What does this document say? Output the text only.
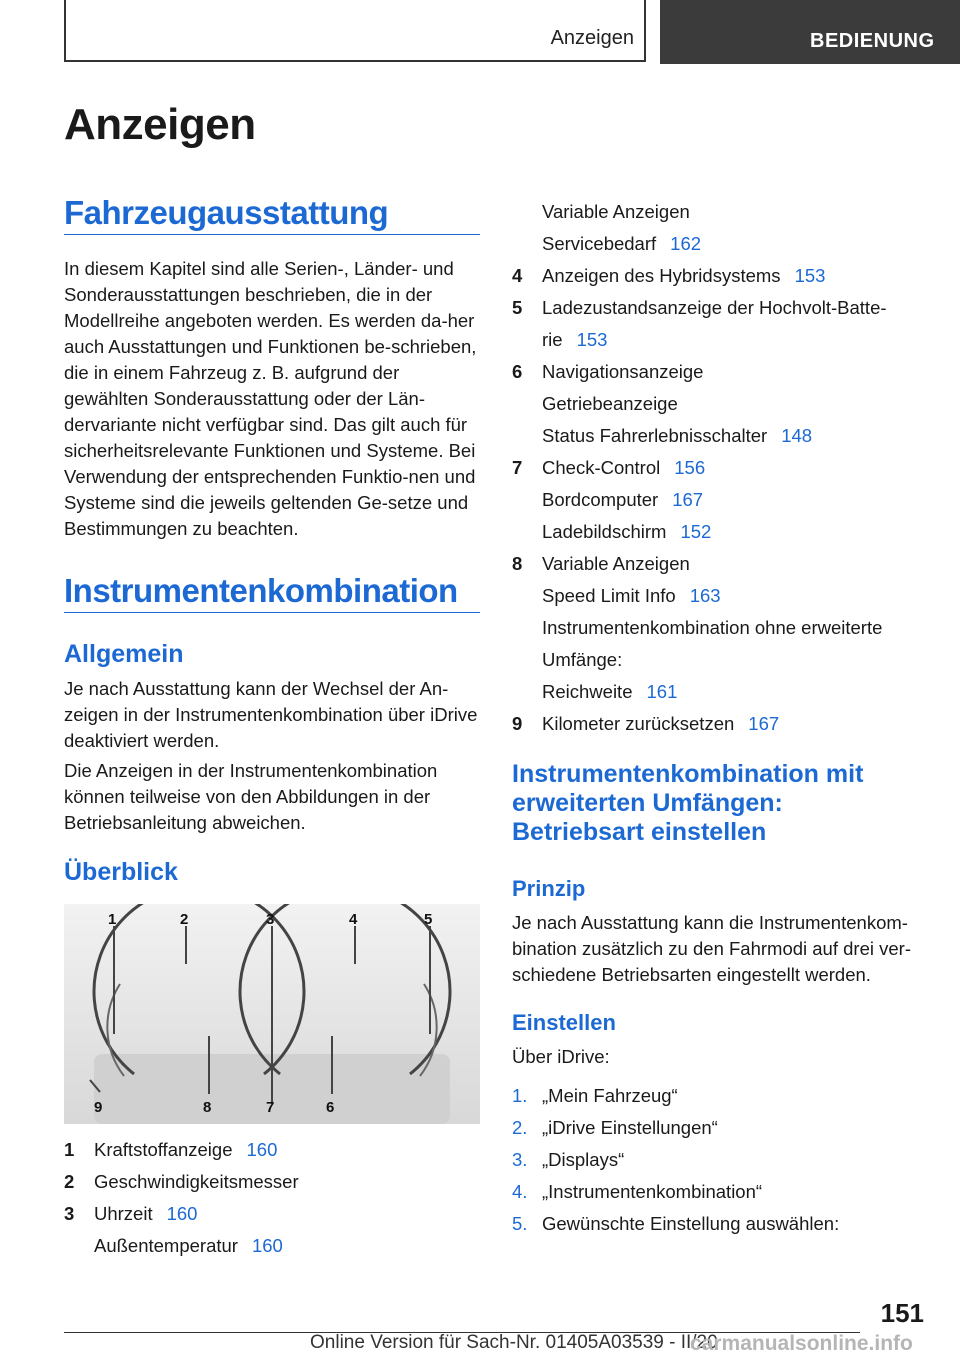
Anzeigen	BEDIENUNG
Anzeigen
Fahrzeugausstattung
In diesem Kapitel sind alle Serien-, Länder- und Sonderausstattungen beschrieben, die in der Modellreihe angeboten werden. Es werden da-her auch Ausstattungen und Funktionen be-schrieben, die in einem Fahrzeug z. B. aufgrund der gewählten Sonderausstattung oder der Län-dervariante nicht verfügbar sind. Das gilt auch für sicherheitsrelevante Funktionen und Systeme. Bei Verwendung der entsprechenden Funktio-nen und Systeme sind die jeweils geltenden Ge-setze und Bestimmungen zu beachten.
Instrumentenkombination
Allgemein
Je nach Ausstattung kann der Wechsel der An-zeigen in der Instrumentenkombination über iDrive deaktiviert werden.
Die Anzeigen in der Instrumentenkombination können teilweise von den Abbildungen in der Betriebsanleitung abweichen.
Überblick
1	2	3	4	5
6
7
8
9
1 Kraftstoffanzeige 160
2 Geschwindigkeitsmesser
3 Uhrzeit 160
Außentemperatur 160
Variable Anzeigen
Servicebedarf 162
4 Anzeigen des Hybridsystems 153
5 Ladezustandsanzeige der Hochvolt-Batte-
rie 153
6 Navigationsanzeige
Getriebeanzeige
Status Fahrerlebnisschalter 148
7 Check-Control 156
Bordcomputer 167
Ladebildschirm 152
8 Variable Anzeigen
Speed Limit Info 163
Instrumentenkombination ohne erweiterte
Umfänge:
Reichweite 161
9 Kilometer zurücksetzen 167
Instrumentenkombination mit
erweiterten Umfängen:
Betriebsart einstellen
Prinzip
Je nach Ausstattung kann die Instrumentenkom-bination zusätzlich zu den Fahrmodi auf drei ver-schiedene Betriebsarten eingestellt werden.
Einstellen
Über iDrive:
1. „Mein Fahrzeug“
2. „iDrive Einstellungen“
3. „Displays“
4. „Instrumentenkombination“
5. Gewünschte Einstellung auswählen:
151
Online Version für Sach-Nr. 01405A03539 - II/20
carmanualsonline.info
